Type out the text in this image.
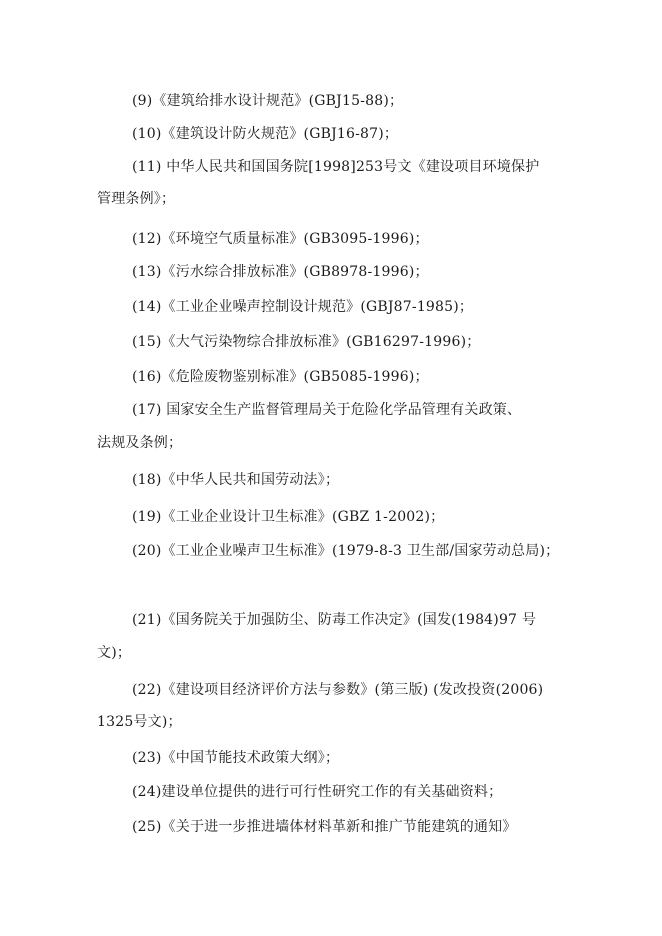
(9)《建筑给排水设计规范》(GBJ15-88)；
(10)《建筑设计防火规范》(GBJ16-87)；
(11) 中华人民共和国国务院[1998]253号文《建设项目环境保护
管理条例》；
(12)《环境空气质量标准》(GB3095-1996)；
(13)《污水综合排放标准》(GB8978-1996)；
(14)《工业企业噪声控制设计规范》(GBJ87-1985)；
(15)《大气污染物综合排放标准》(GB16297-1996)；
(16)《危险废物鉴别标准》(GB5085-1996)；
(17) 国家安全生产监督管理局关于危险化学品管理有关政策、
法规及条例；
(18)《中华人民共和国劳动法》；
(19)《工业企业设计卫生标准》(GBZ 1-2002)；
(20)《工业企业噪声卫生标准》(1979-8-3 卫生部/国家劳动总局)；
(21)《国务院关于加强防尘、防毒工作决定》(国发(1984)97 号
文)；
(22)《建设项目经济评价方法与参数》(第三版) (发改投资(2006)
1325号文)；
(23)《中国节能技术政策大纲》；
(24)建设单位提供的进行可行性研究工作的有关基础资料；
(25)《关于进一步推进墙体材料革新和推广节能建筑的通知》
